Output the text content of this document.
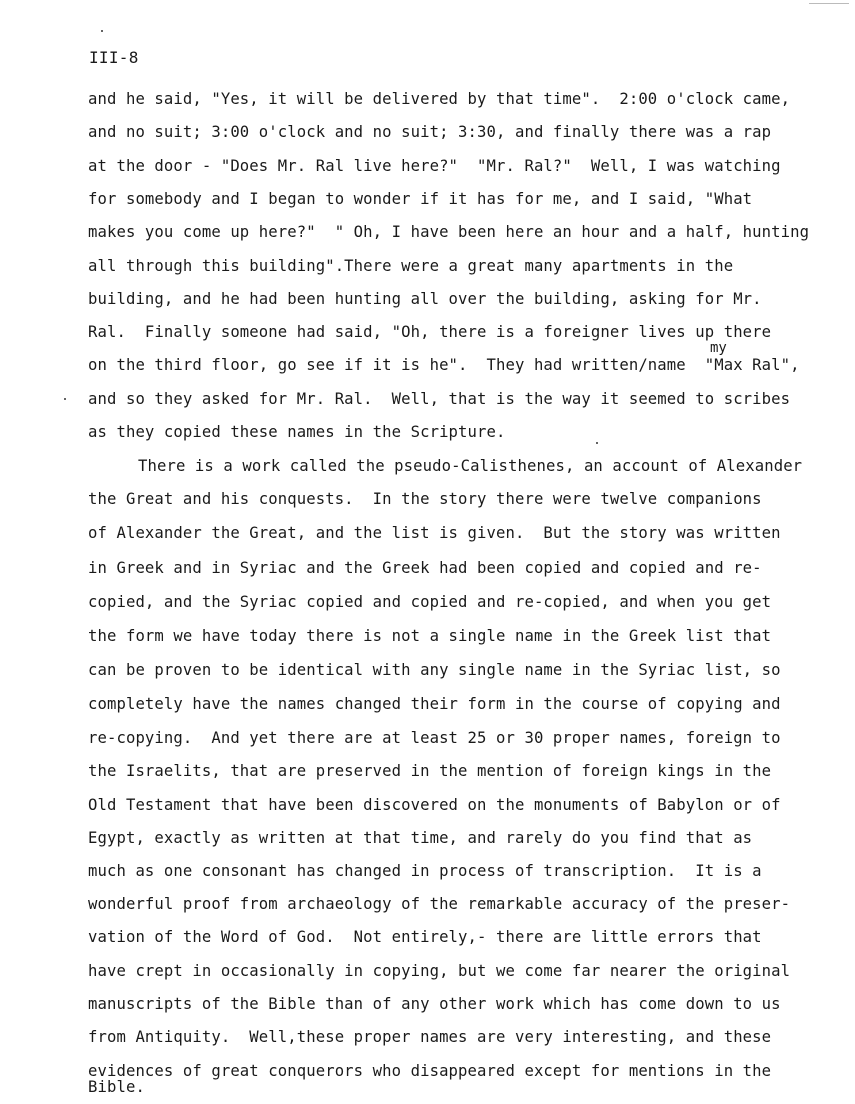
III-8
my
and he said, "Yes, it will be delivered by that time".  2:00 o'clock came,
and no suit; 3:00 o'clock and no suit; 3:30, and finally there was a rap
at the door - "Does Mr. Ral live here?"  "Mr. Ral?"  Well, I was watching
for somebody and I began to wonder if it has for me, and I said, "What
makes you come up here?"  " Oh, I have been here an hour and a half, hunting
all through this building".There were a great many apartments in the
building, and he had been hunting all over the building, asking for Mr.
Ral.  Finally someone had said, "Oh, there is a foreigner lives up there
on the third floor, go see if it is he".  They had written/name  "Max Ral",
and so they asked for Mr. Ral.  Well, that is the way it seemed to scribes
as they copied these names in the Scripture.
There is a work called the pseudo-Calisthenes, an account of Alexander
the Great and his conquests.  In the story there were twelve companions
of Alexander the Great, and the list is given.  But the story was written
in Greek and in Syriac and the Greek had been copied and copied and re-
copied, and the Syriac copied and copied and re-copied, and when you get
the form we have today there is not a single name in the Greek list that
can be proven to be identical with any single name in the Syriac list, so
completely have the names changed their form in the course of copying and
re-copying.  And yet there are at least 25 or 30 proper names, foreign to
the Israelits, that are preserved in the mention of foreign kings in the
Old Testament that have been discovered on the monuments of Babylon or of
Egypt, exactly as written at that time, and rarely do you find that as
much as one consonant has changed in process of transcription.  It is a
wonderful proof from archaeology of the remarkable accuracy of the preser-
vation of the Word of God.  Not entirely,- there are little errors that
have crept in occasionally in copying, but we come far nearer the original
manuscripts of the Bible than of any other work which has come down to us
from Antiquity.  Well,these proper names are very interesting, and these
evidences of great conquerors who disappeared except for mentions in the
Bible.
